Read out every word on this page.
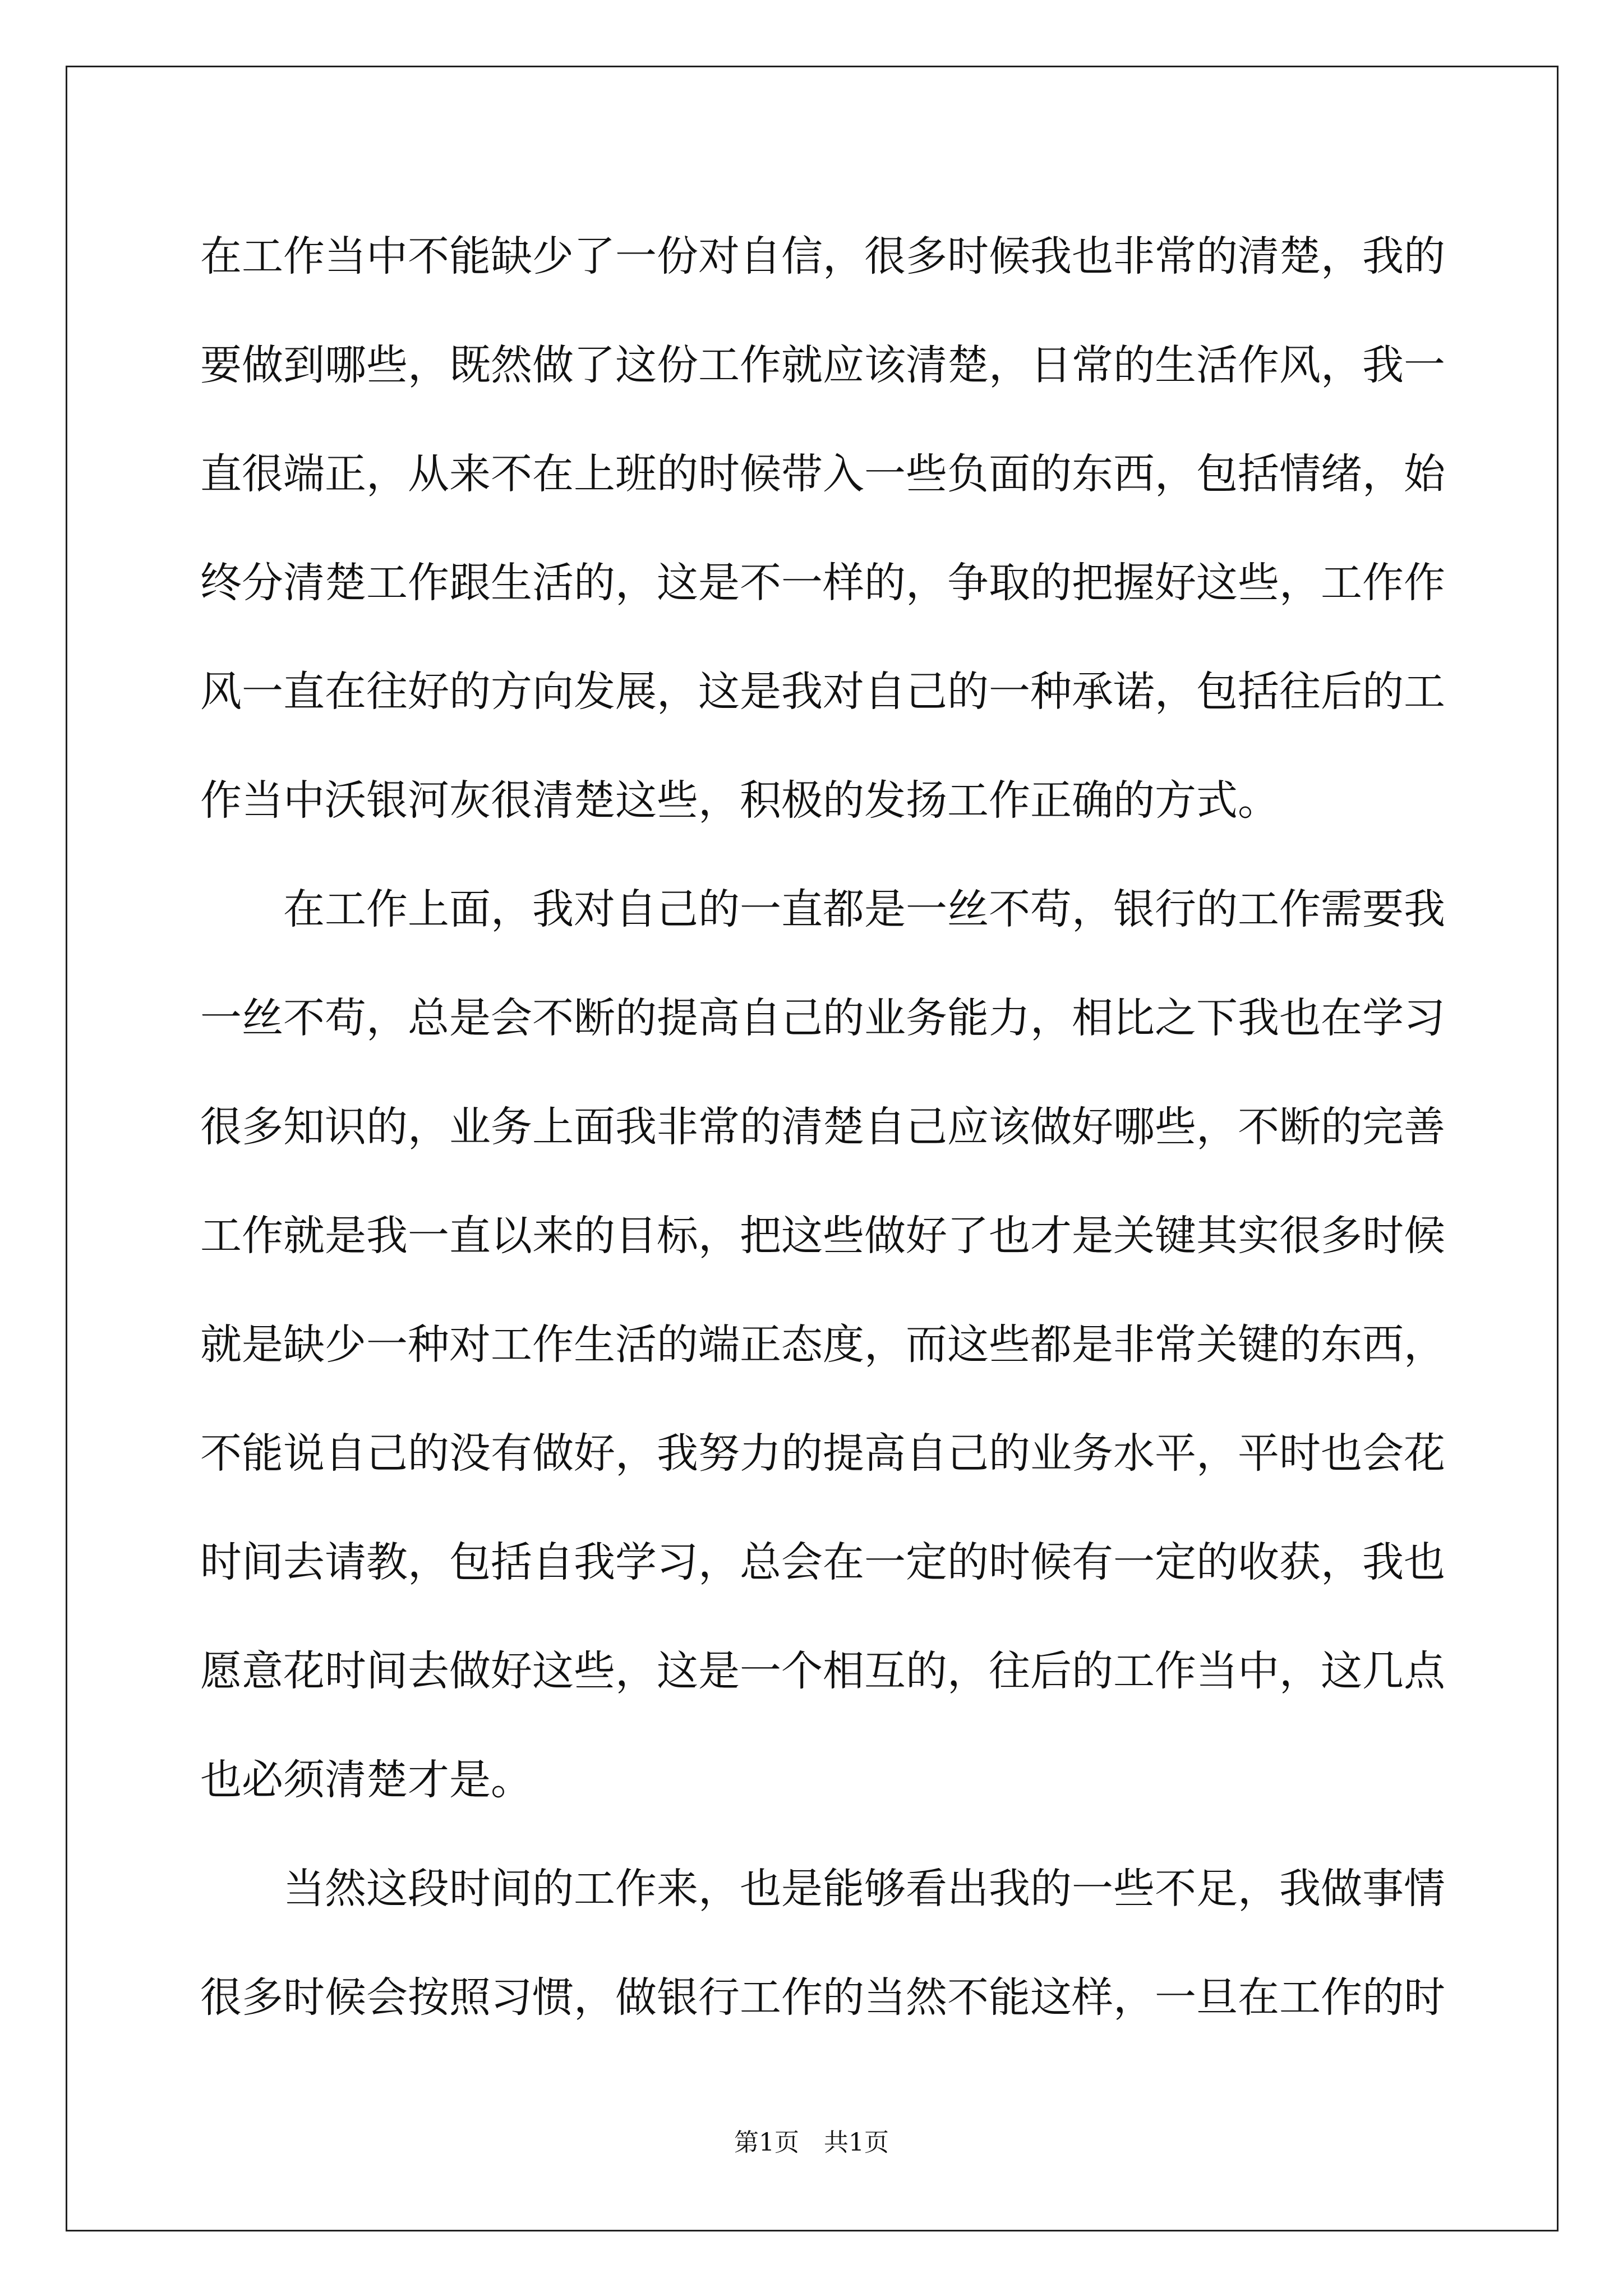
在工作当中不能缺少了一份对自信，很多时候我也非常的清楚，我的
要做到哪些，既然做了这份工作就应该清楚，日常的生活作风，我一
直很端正，从来不在上班的时候带入一些负面的东西，包括情绪，始
终分清楚工作跟生活的，这是不一样的，争取的把握好这些，工作作
风一直在往好的方向发展，这是我对自己的一种承诺，包括往后的工
作当中沃银河灰很清楚这些，积极的发扬工作正确的方式。
　　在工作上面，我对自己的一直都是一丝不苟，银行的工作需要我
一丝不苟，总是会不断的提高自己的业务能力，相比之下我也在学习
很多知识的，业务上面我非常的清楚自己应该做好哪些，不断的完善
工作就是我一直以来的目标，把这些做好了也才是关键其实很多时候
就是缺少一种对工作生活的端正态度，而这些都是非常关键的东西，
不能说自己的没有做好，我努力的提高自己的业务水平，平时也会花
时间去请教，包括自我学习，总会在一定的时候有一定的收获，我也
愿意花时间去做好这些，这是一个相互的，往后的工作当中，这几点
也必须清楚才是。
　　当然这段时间的工作来，也是能够看出我的一些不足，我做事情
很多时候会按照习惯，做银行工作的当然不能这样，一旦在工作的时
第1页　共1页
